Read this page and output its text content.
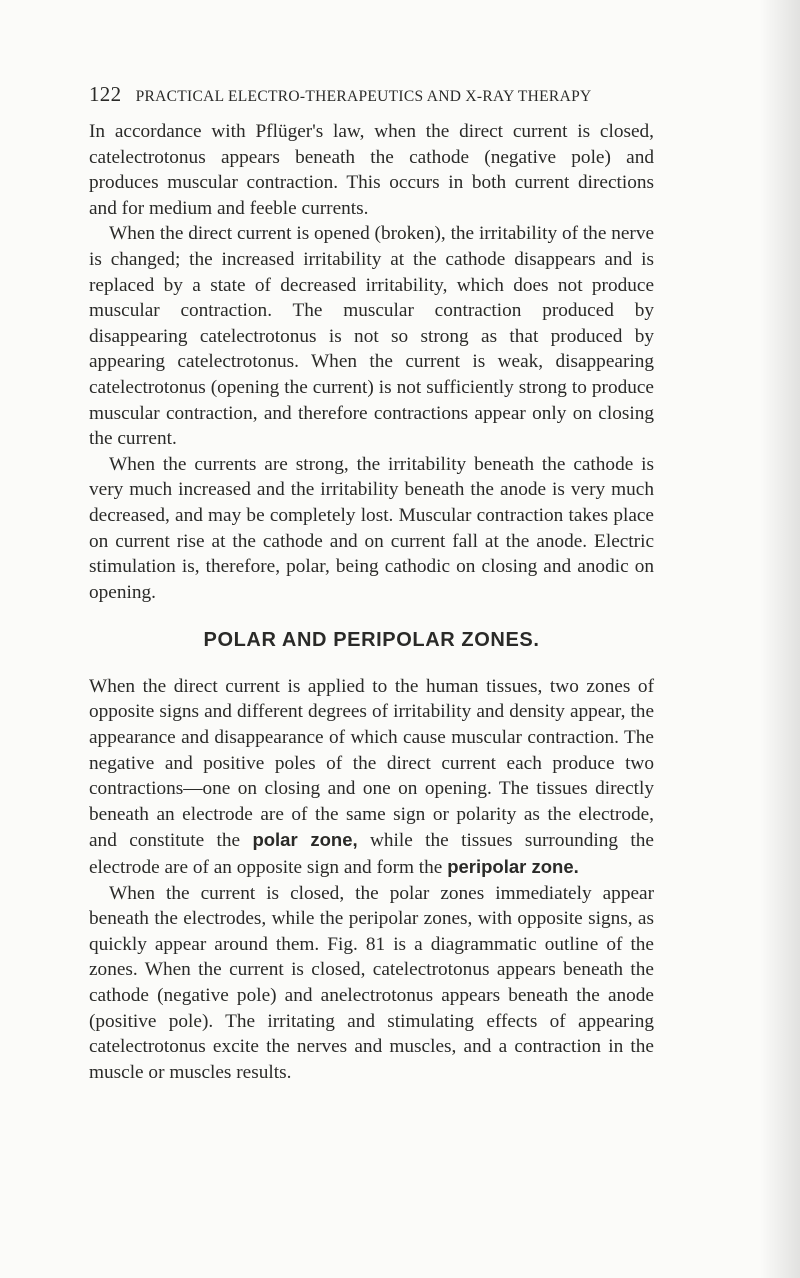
122 PRACTICAL ELECTRO-THERAPEUTICS AND X-RAY THERAPY

In accordance with Pflüger's law, when the direct current is closed, catelectrotonus appears beneath the cathode (negative pole) and produces muscular contraction. This occurs in both current directions and for medium and feeble currents.

When the direct current is opened (broken), the irritability of the nerve is changed; the increased irritability at the cathode disappears and is replaced by a state of decreased irritability, which does not produce muscular contraction. The muscular contraction produced by disappearing catelectrotonus is not so strong as that produced by appearing catelectrotonus. When the current is weak, disappearing catelectrotonus (opening the current) is not sufficiently strong to produce muscular contraction, and therefore contractions appear only on closing the current.

When the currents are strong, the irritability beneath the cathode is very much increased and the irritability beneath the anode is very much decreased, and may be completely lost. Muscular contraction takes place on current rise at the cathode and on current fall at the anode. Electric stimulation is, therefore, polar, being cathodic on closing and anodic on opening.

POLAR AND PERIPOLAR ZONES.

When the direct current is applied to the human tissues, two zones of opposite signs and different degrees of irritability and density appear, the appearance and disappearance of which cause muscular contraction. The negative and positive poles of the direct current each produce two contractions—one on closing and one on opening. The tissues directly beneath an electrode are of the same sign or polarity as the electrode, and constitute the polar zone, while the tissues surrounding the electrode are of an opposite sign and form the peripolar zone.

When the current is closed, the polar zones immediately appear beneath the electrodes, while the peripolar zones, with opposite signs, as quickly appear around them. Fig. 81 is a diagrammatic outline of the zones. When the current is closed, catelectrotonus appears beneath the cathode (negative pole) and anelectrotonus appears beneath the anode (positive pole). The irritating and stimulating effects of appearing catelectrotonus excite the nerves and muscles, and a contraction in the muscle or muscles results.
